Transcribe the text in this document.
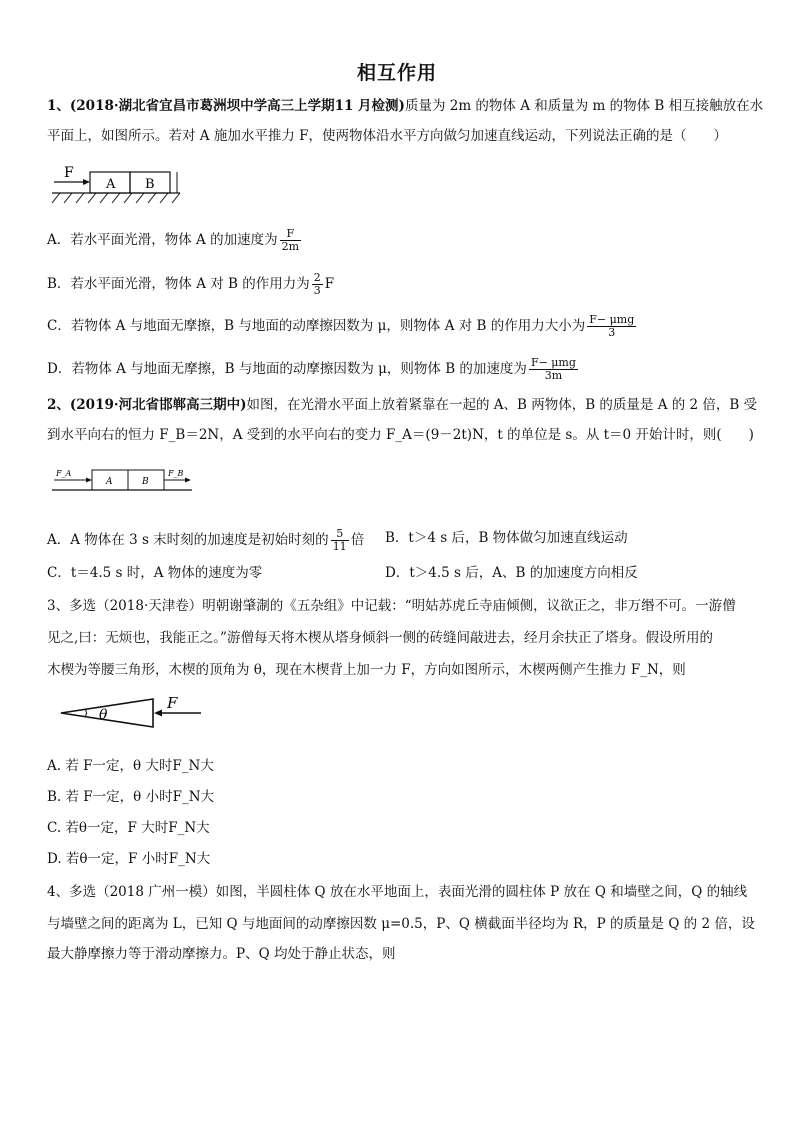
相互作用
1、(2018·湖北省宜昌市葛洲坝中学高三上学期11 月检测)质量为 2m 的物体 A 和质量为 m 的物体 B 相互接触放在水
平面上，如图所示。若对 A 施加水平推力 F，使两物体沿水平方向做匀加速直线运动，下列说法正确的是（　　）
F
A B
A．若水平面光滑，物体 A 的加速度为 $\frac{F}{2m}$
B．若水平面光滑，物体 A 对 B 的作用力为 $\frac{2}{3}$ F
C．若物体 A 与地面无摩擦，B 与地面的动摩擦因数为 μ，则物体 A 对 B 的作用力大小为 $\frac{\text{F− μmg}}{3}$
D．若物体 A 与地面无摩擦，B 与地面的动摩擦因数为 μ，则物体 B 的加速度为 $\frac{\text{F− μmg}}{3m}$
2、(2019·河北省邯郸高三期中)如图，在光滑水平面上放着紧靠在一起的 A、B 两物体，B 的质量是 A 的 2 倍，B 受
到水平向右的恒力 F_B＝2N，A 受到的水平向右的变力 F_A＝(9－2t)N，t 的单位是 s。从 t＝0 开始计时，则(　　)
F_A	F_B
A	B
A．A 物体在 3 s 末时刻的加速度是初始时刻的 $\frac{5}{11}$ 倍 B．t＞4 s 后，B 物体做匀加速直线运动
C．t＝4.5 s 时，A 物体的速度为零	D．t＞4.5 s 后，A、B 的加速度方向相反
3、多选（2018·天津卷）明朝谢肇淛的《五杂组》中记载：“明姑苏虎丘寺庙倾侧，议欲正之，非万缗不可。一游僧
见之,曰：无烦也，我能正之。”游僧每天将木楔从塔身倾斜一侧的砖缝间敲进去，经月余扶正了塔身。假设所用的
木楔为等腰三角形，木楔的顶角为 θ，现在木楔背上加一力 F，方向如图所示，木楔两侧产生推力 F_N，则
θ
F
A. 若 F一定，θ 大时F_N大
B. 若 F一定，θ 小时F_N大
C. 若θ一定，F 大时F_N大
D. 若θ一定，F 小时F_N大
4、多选（2018 广州一模）如图，半圆柱体 Q 放在水平地面上，表面光滑的圆柱体 P 放在 Q 和墙壁之间，Q 的轴线
与墙壁之间的距离为 L，已知 Q 与地面间的动摩擦因数 μ=0.5，P、Q 横截面半径均为 R，P 的质量是 Q 的 2 倍，设
最大静摩擦力等于滑动摩擦力。P、Q 均处于静止状态，则
